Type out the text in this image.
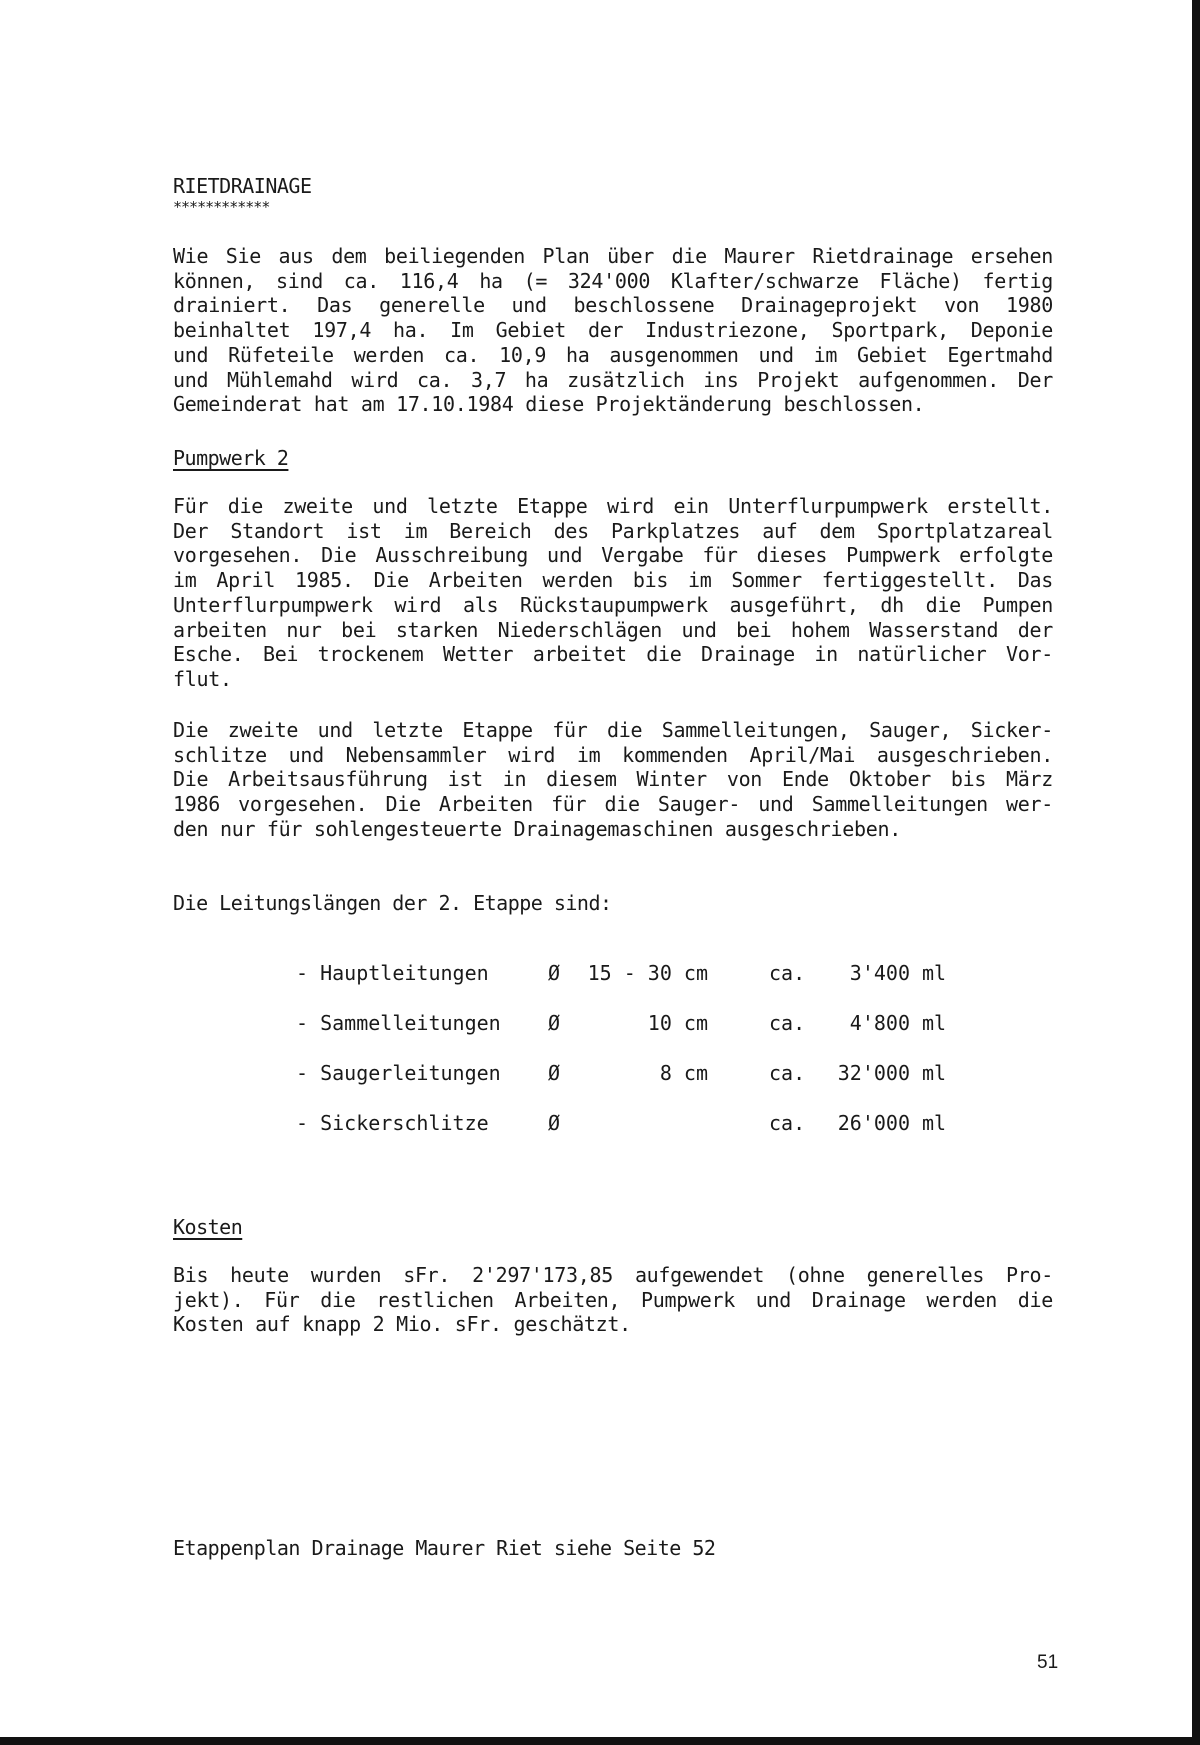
RIETDRAINAGE
************
Wie Sie aus dem beiliegenden Plan über die Maurer Rietdrainage ersehen
können, sind ca. 116,4 ha (= 324'000 Klafter/schwarze Fläche) fertig
drainiert. Das generelle und beschlossene Drainageprojekt von 1980
beinhaltet 197,4 ha. Im Gebiet der Industriezone, Sportpark, Deponie
und Rüfeteile werden ca. 10,9 ha ausgenommen und im Gebiet Egertmahd
und Mühlemahd wird ca. 3,7 ha zusätzlich ins Projekt aufgenommen. Der
Gemeinderat hat am 17.10.1984 diese Projektänderung beschlossen.
Pumpwerk 2
Für die zweite und letzte Etappe wird ein Unterflurpumpwerk erstellt.
Der Standort ist im Bereich des Parkplatzes auf dem Sportplatzareal
vorgesehen. Die Ausschreibung und Vergabe für dieses Pumpwerk erfolgte
im April 1985. Die Arbeiten werden bis im Sommer fertiggestellt. Das
Unterflurpumpwerk wird als Rückstaupumpwerk ausgeführt, dh die Pumpen
arbeiten nur bei starken Niederschlägen und bei hohem Wasserstand der
Esche. Bei trockenem Wetter arbeitet die Drainage in natürlicher Vor-
flut.
Die zweite und letzte Etappe für die Sammelleitungen, Sauger, Sicker-
schlitze und Nebensammler wird im kommenden April/Mai ausgeschrieben.
Die Arbeitsausführung ist in diesem Winter von Ende Oktober bis März
1986 vorgesehen. Die Arbeiten für die Sauger- und Sammelleitungen wer-
den nur für sohlengesteuerte Drainagemaschinen ausgeschrieben.
Die Leitungslängen der 2. Etappe sind:
- Hauptleitungen	Ø	15 - 30 cm	ca.	3'400 ml
- Sammelleitungen Ø	10 cm	ca.	4'800 ml
- Saugerleitungen Ø	8 cm	ca.	32'000 ml
- Sickerschlitze	Ø	ca.	26'000 ml
Kosten
Bis heute wurden sFr. 2'297'173,85 aufgewendet (ohne generelles Pro-
jekt). Für die restlichen Arbeiten, Pumpwerk und Drainage werden die
Kosten auf knapp 2 Mio. sFr. geschätzt.
Etappenplan Drainage Maurer Riet siehe Seite 52
51
